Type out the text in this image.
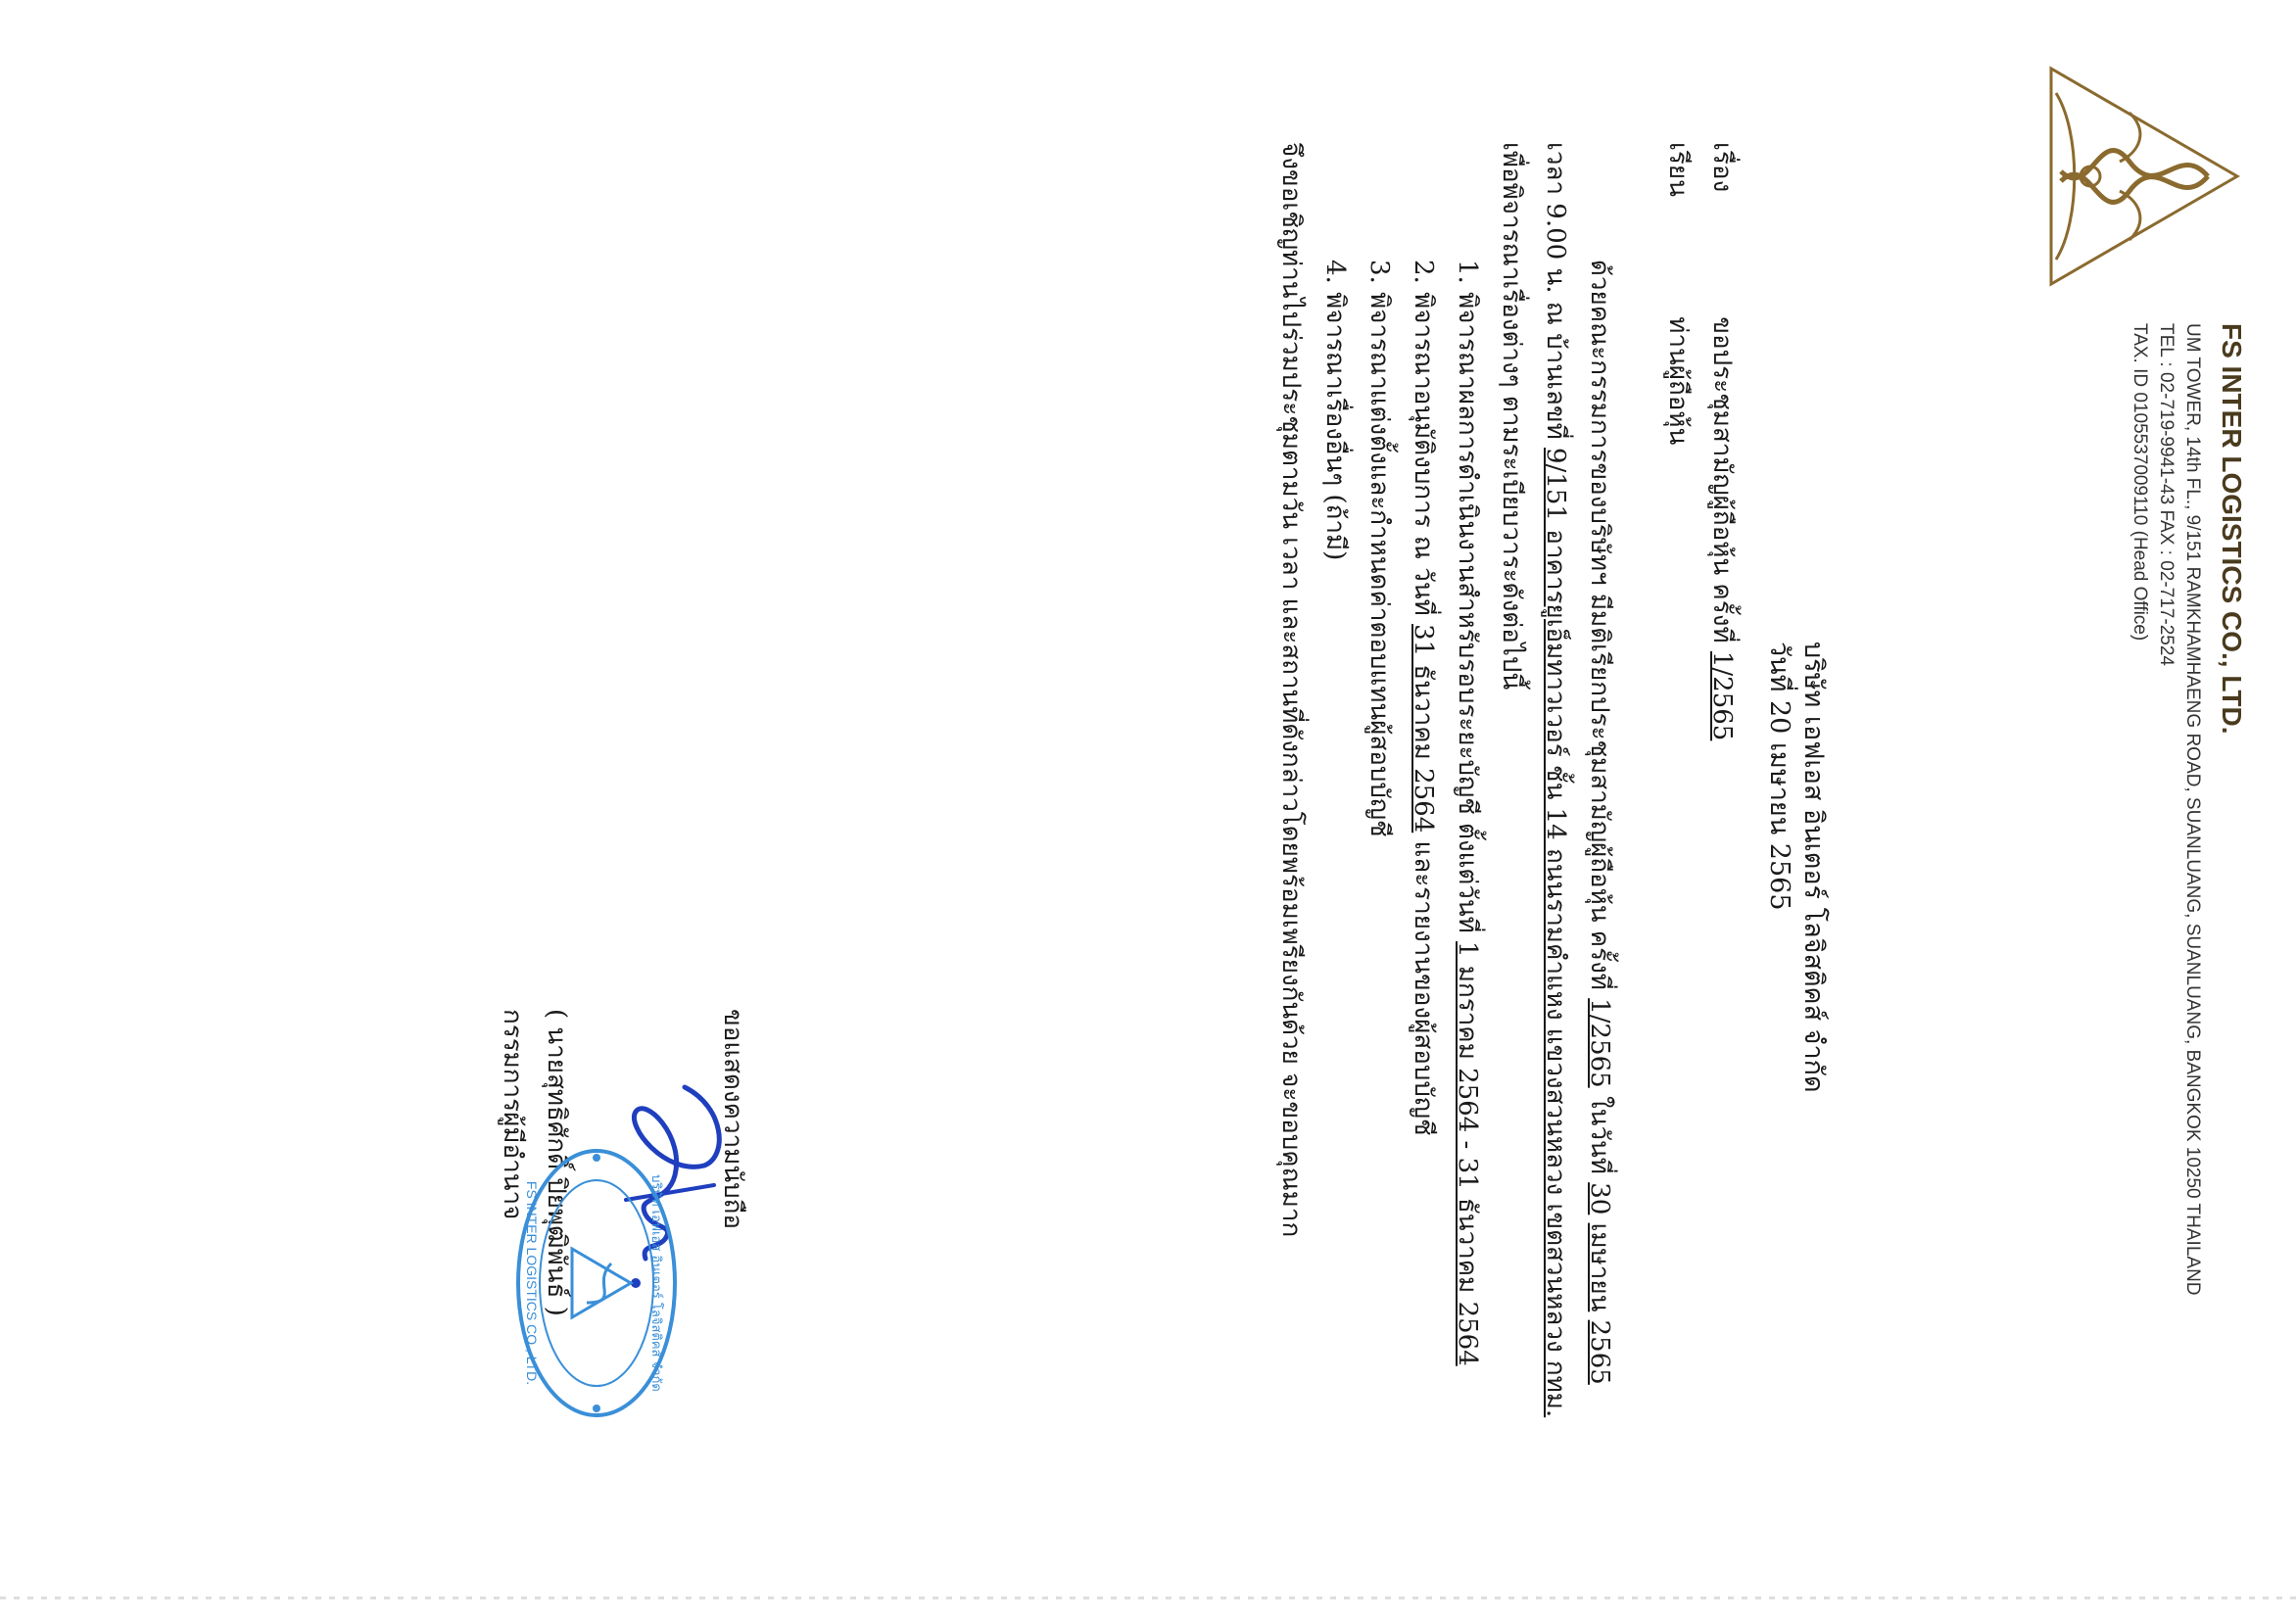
FS INTER LOGISTICS CO., LTD.
UM TOWER, 14th FL., 9/151 RAMKHAMHAENG ROAD, SUANLUANG, SUANLUANG, BANGKOK 10250 THAILAND
TEL : 02-719-9941-43 FAX : 02-717-2524
TAX. ID 0105537009110 (Head Office)
บริษัท เอฟเอส อินเตอร์ โลจิสติคส์ จำกัด
วันที่ 20 เมษายน 2565
เรื่อง ขอประชุมสามัญผู้ถือหุ้น ครั้งที่ 1/2565
เรียน ท่านผู้ถือหุ้น
ด้วยคณะกรรมการของบริษัทฯ มีมติเรียกประชุมสามัญผู้ถือหุ้น ครั้งที่ 1/2565 ในวันที่ 30 เมษายน 2565
เวลา 9.00 น. ณ บ้านเลขที่ 9/151 อาคารยูเอ็มทาวเวอร์ ชั้น 14 ถนนรามคำแหง แขวงสวนหลวง เขตสวนหลวง กทม.
เพื่อพิจารณาเรื่องต่างๆ ตามระเบียบวาระดังต่อไปนี้
1. พิจารณาผลการดำเนินงานสำหรับรอบระยะบัญชี ตั้งแต่วันที่ 1 มกราคม 2564 - 31 ธันวาคม 2564
2. พิจารณาอนุมัติงบการ ณ วันที่ 31 ธันวาคม 2564 และรายงานของผู้สอบบัญชี
3. พิจารณาแต่งตั้งและกำหนดค่าตอบแทนผู้สอบบัญชี
4. พิจารณาเรื่องอื่นๆ (ถ้ามี)
จึงขอเชิญท่านไปร่วมประชุมตามวัน เวลา และสถานที่ดังกล่าวโดยพร้อมเพรียงกันด้วย จะขอบคุณมาก
ขอแสดงความนับถือ
( นายสุทธิศักดิ์ ปิยพุฒิพันธ์ )
กรรมการผู้มีอำนาจ
บริษัท เอฟเอส อินเตอร์ โลจิสติคส์ จำกัด
FS INTER LOGISTICS CO., LTD.
